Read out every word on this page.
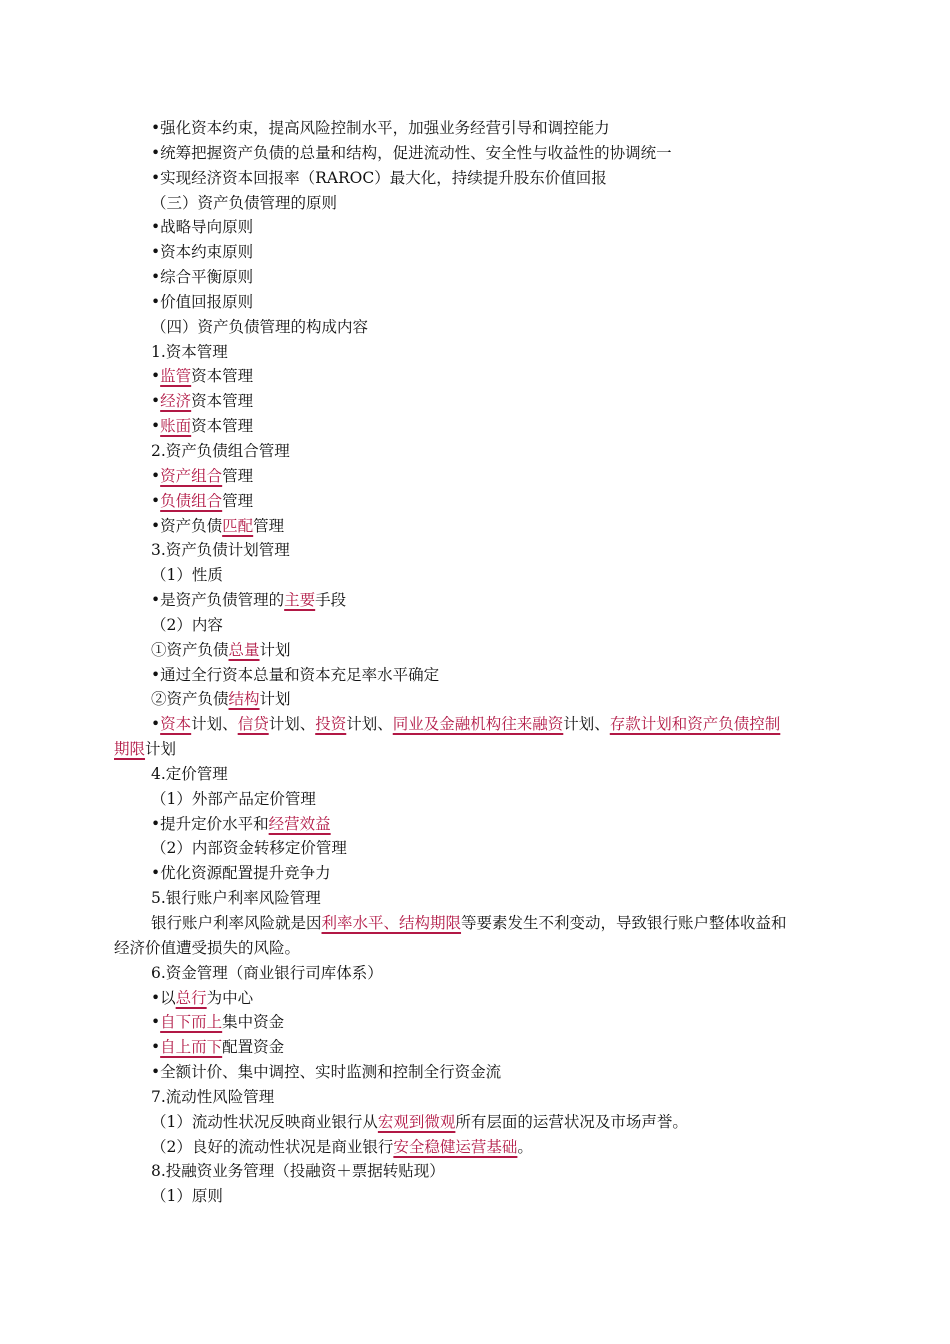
•强化资本约束，提高风险控制水平，加强业务经营引导和调控能力
•统筹把握资产负债的总量和结构，促进流动性、安全性与收益性的协调统一
•实现经济资本回报率（RAROC）最大化，持续提升股东价值回报
（三）资产负债管理的原则
•战略导向原则
•资本约束原则
•综合平衡原则
•价值回报原则
（四）资产负债管理的构成内容
1.资本管理
•监管资本管理
•经济资本管理
•账面资本管理
2.资产负债组合管理
•资产组合管理
•负债组合管理
•资产负债匹配管理
3.资产负债计划管理
（1）性质
•是资产负债管理的主要手段
（2）内容
①资产负债总量计划
•通过全行资本总量和资本充足率水平确定
②资产负债结构计划
•资本计划、信贷计划、投资计划、同业及金融机构往来融资计划、存款计划和资产负债控制
期限计划
4.定价管理
（1）外部产品定价管理
•提升定价水平和经营效益
（2）内部资金转移定价管理
•优化资源配置提升竞争力
5.银行账户利率风险管理
银行账户利率风险就是因利率水平、结构期限等要素发生不利变动，导致银行账户整体收益和
经济价值遭受损失的风险。
6.资金管理（商业银行司库体系）
•以总行为中心
•自下而上集中资金
•自上而下配置资金
•全额计价、集中调控、实时监测和控制全行资金流
7.流动性风险管理
（1）流动性状况反映商业银行从宏观到微观所有层面的运营状况及市场声誉。
（2）良好的流动性状况是商业银行安全稳健运营基础。
8.投融资业务管理（投融资＋票据转贴现）
（1）原则
